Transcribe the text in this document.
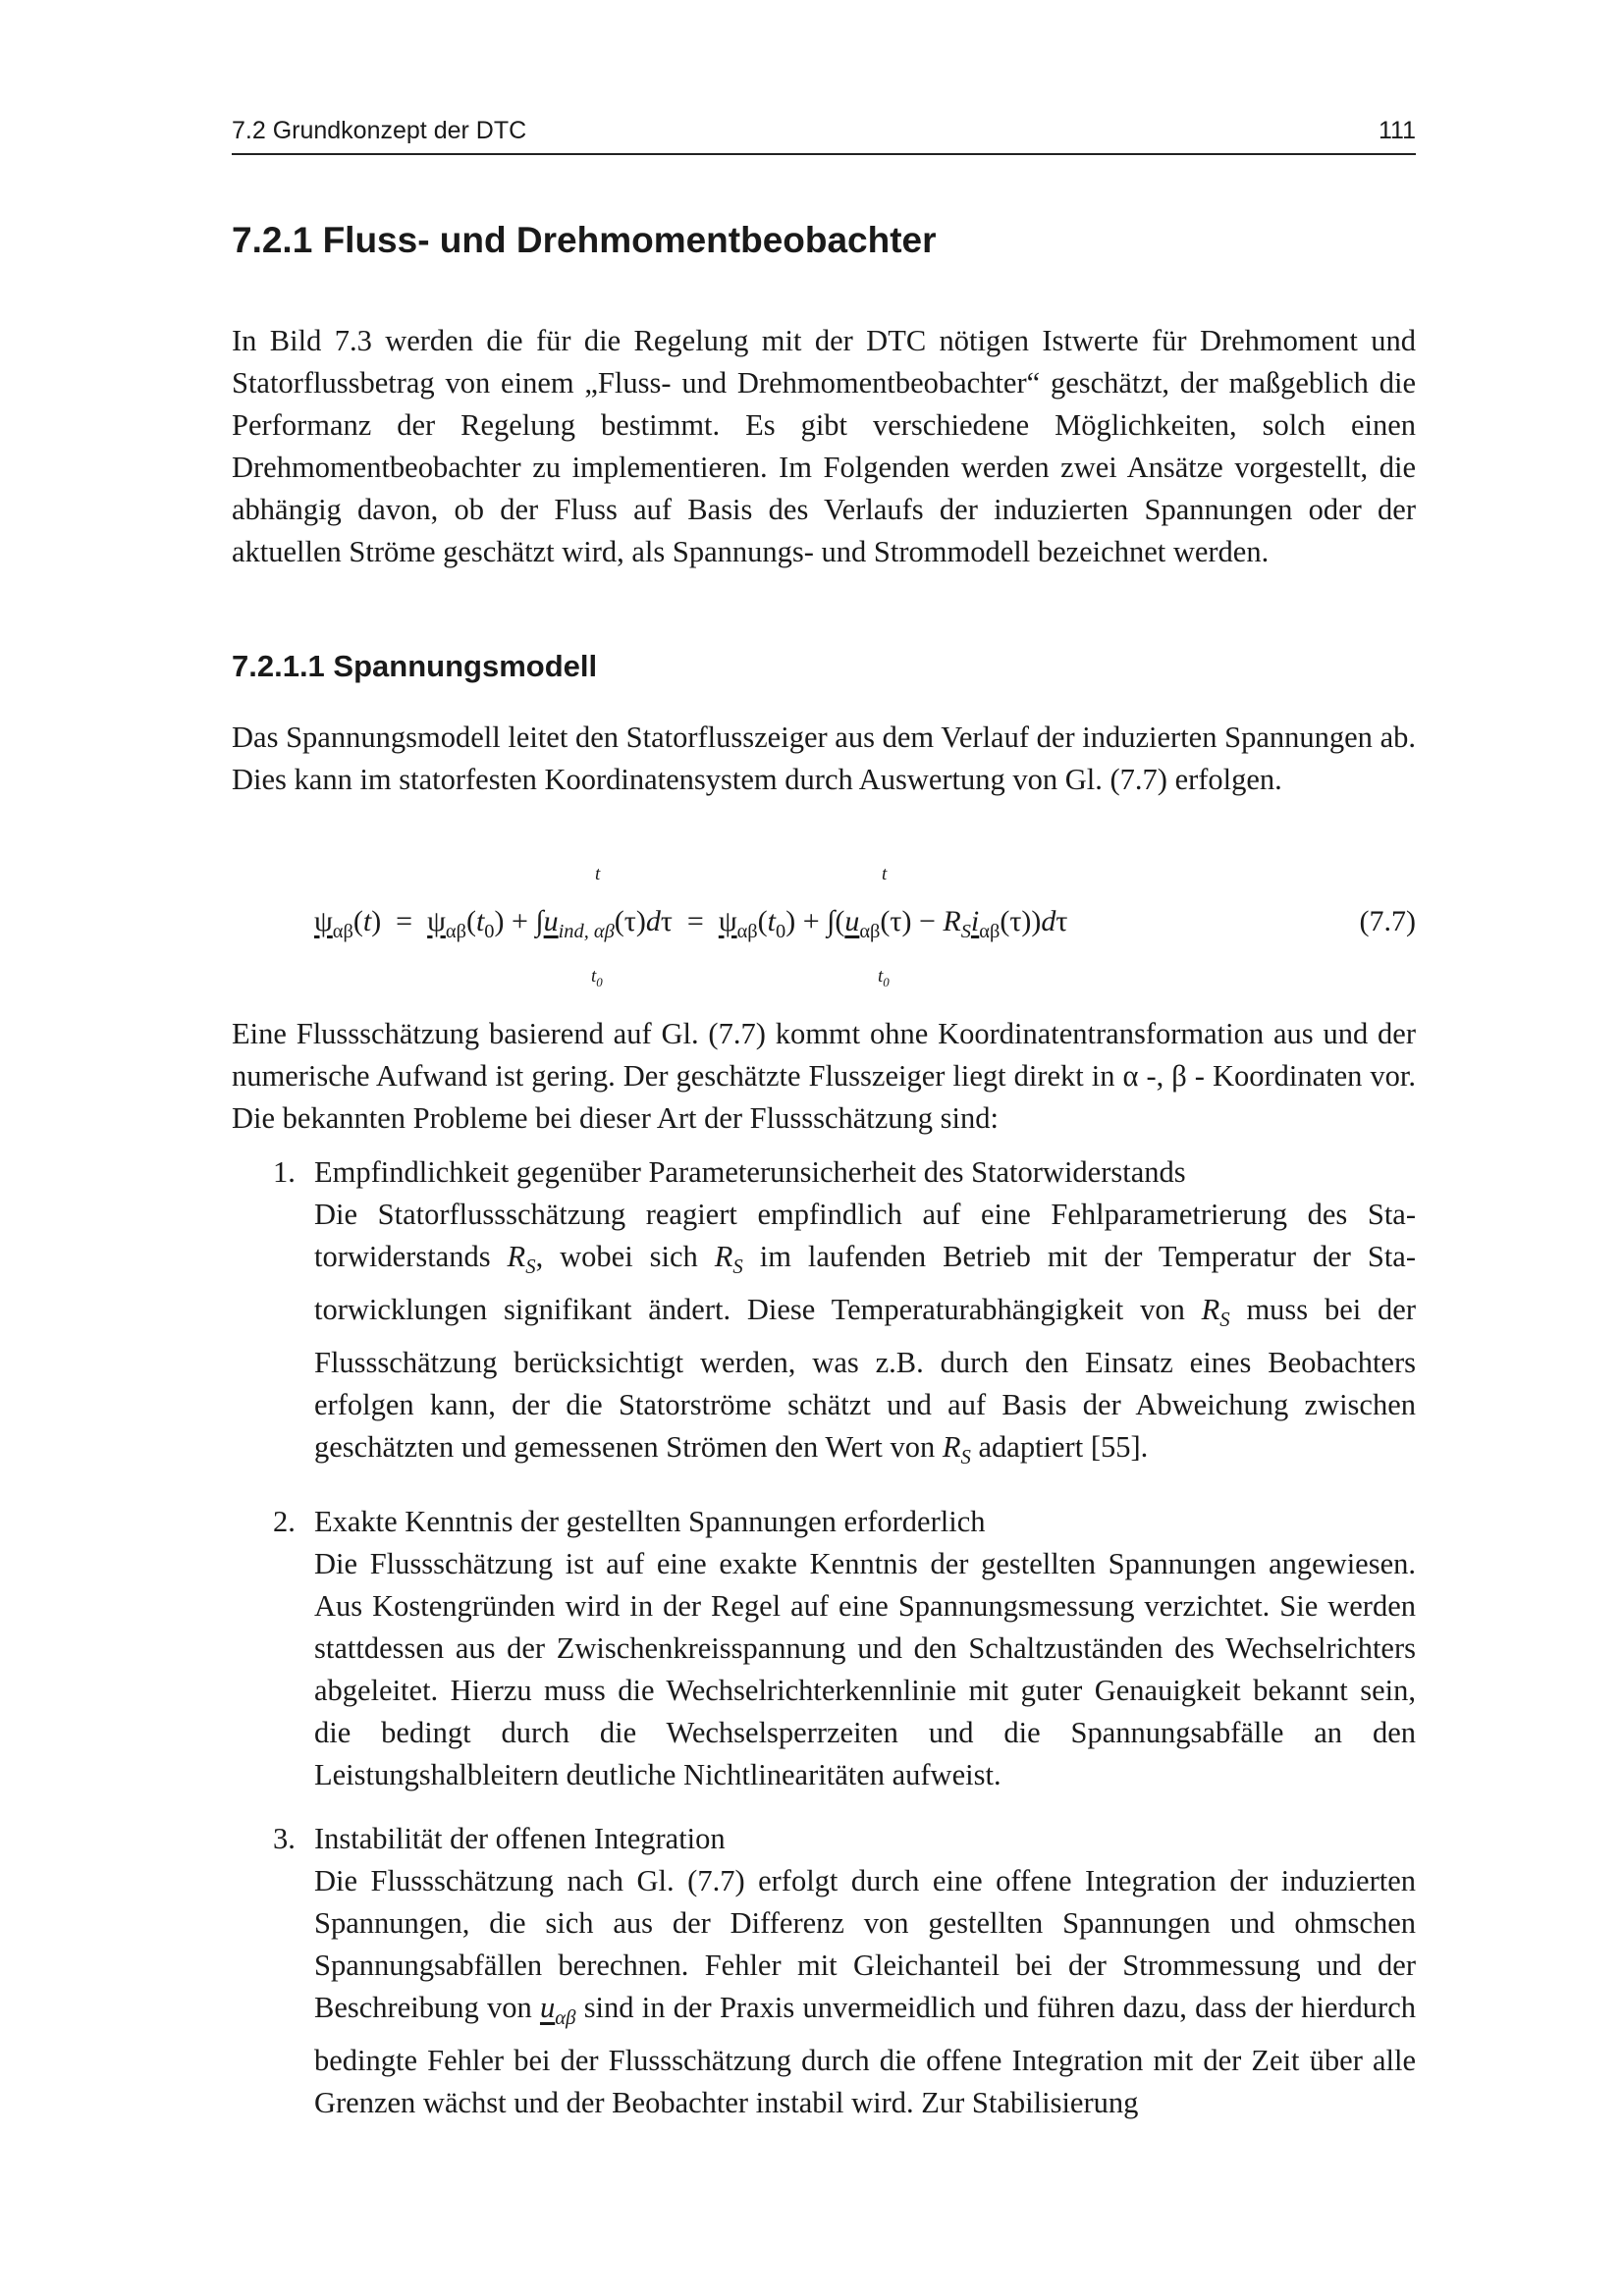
7.2 Grundkonzept der DTC	111
7.2.1 Fluss- und Drehmomentbeobachter

In Bild 7.3 werden die für die Regelung mit der DTC nötigen Istwerte für Drehmoment und Statorflussbetrag von einem „Fluss- und Drehmomentbeobachter“ geschätzt, der maßgeblich die Performanz der Regelung bestimmt. Es gibt verschiedene Möglichkeiten, solch einen Drehmomentbeobachter zu implementieren. Im Folgenden werden zwei Ansätze vorgestellt, die abhängig davon, ob der Fluss auf Basis des Verlaufs der induzierten Spannungen oder der aktuellen Ströme geschätzt wird, als Spannungs- und Strommodell bezeichnet werden.

7.2.1.1 Spannungsmodell

Das Spannungsmodell leitet den Statorflusszeiger aus dem Verlauf der induzierten Spannungen ab. Dies kann im statorfesten Koordinatensystem durch Auswertung von Gl. (7.7) erfolgen.

t
$t_0$
t
$t_0$
$\psi_{\alpha\beta}(t) = \psi_{\alpha\beta}(t_0) + \int u_{ind, \alpha\beta}(\tau)d\tau = \psi_{\alpha\beta}(t_0) + \int(u_{\alpha\beta}(\tau) - R_Si_{\alpha\beta}(\tau))d\tau$	(7.7)

Eine Flussschätzung basierend auf Gl. (7.7) kommt ohne Koordinatentransformation aus und der numerische Aufwand ist gering. Der geschätzte Flusszeiger liegt direkt in α -, β - Koordinaten vor. Die bekannten Probleme bei dieser Art der Flussschätzung sind:

1. Empfindlichkeit gegenüber Parameterunsicherheit des Statorwiderstands
Die Statorflussschätzung reagiert empfindlich auf eine Fehlparametrierung des Statorwiderstands $R_S$, wobei sich $R_S$ im laufenden Betrieb mit der Temperatur der Statorwicklungen signifikant ändert. Diese Temperaturabhängigkeit von $R_S$ muss bei der Flussschätzung berücksichtigt werden, was z.B. durch den Einsatz eines Beobachters erfolgen kann, der die Statorströme schätzt und auf Basis der Abweichung zwischen geschätzten und gemessenen Strömen den Wert von $R_S$ adaptiert [55].
2. Exakte Kenntnis der gestellten Spannungen erforderlich
Die Flussschätzung ist auf eine exakte Kenntnis der gestellten Spannungen angewiesen. Aus Kostengründen wird in der Regel auf eine Spannungsmessung verzichtet. Sie werden stattdessen aus der Zwischenkreisspannung und den Schaltzuständen des Wechselrichters abgeleitet. Hierzu muss die Wechselrichterkennlinie mit guter Genauigkeit bekannt sein, die bedingt durch die Wechselsperrzeiten und die Spannungsabfälle an den Leistungshalbleitern deutliche Nichtlinearitäten aufweist.
3. Instabilität der offenen Integration
Die Flussschätzung nach Gl. (7.7) erfolgt durch eine offene Integration der induzierten Spannungen, die sich aus der Differenz von gestellten Spannungen und ohmschen Spannungsabfällen berechnen. Fehler mit Gleichanteil bei der Strommessung und der Beschreibung von $u_{\alpha\beta}$ sind in der Praxis unvermeidlich und führen dazu, dass der hierdurch bedingte Fehler bei der Flussschätzung durch die offene Integration mit der Zeit über alle Grenzen wächst und der Beobachter instabil wird. Zur Stabilisierung
